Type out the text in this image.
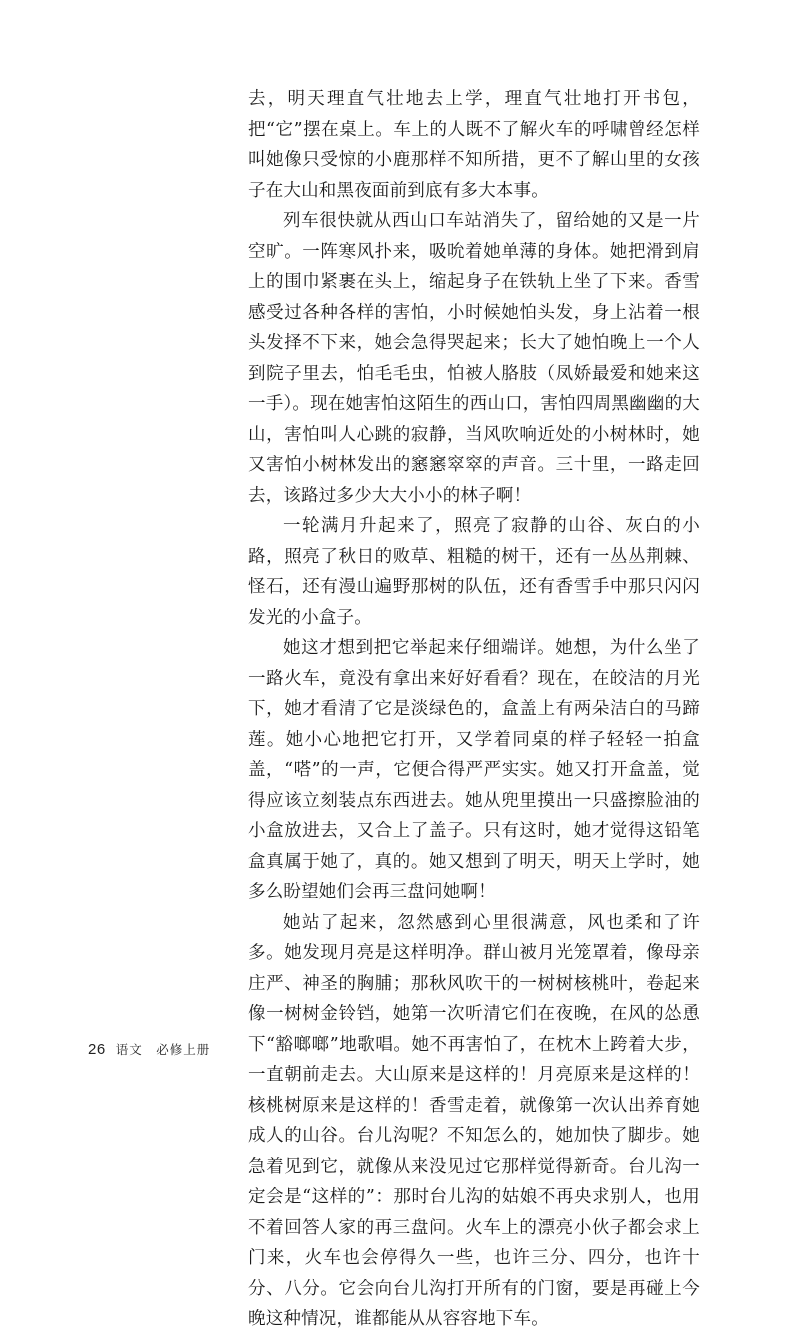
去，明天理直气壮地去上学，理直气壮地打开书包，把“它”摆在桌上。车上的人既不了解火车的呼啸曾经怎样叫她像只受惊的小鹿那样不知所措，更不了解山里的女孩子在大山和黑夜面前到底有多大本事。

列车很快就从西山口车站消失了，留给她的又是一片空旷。一阵寒风扑来，吸吮着她单薄的身体。她把滑到肩上的围巾紧裹在头上，缩起身子在铁轨上坐了下来。香雪感受过各种各样的害怕，小时候她怕头发，身上沾着一根头发择不下来，她会急得哭起来；长大了她怕晚上一个人到院子里去，怕毛毛虫，怕被人胳肢（凤娇最爱和她来这一手）。现在她害怕这陌生的西山口，害怕四周黑幽幽的大山，害怕叫人心跳的寂静，当风吹响近处的小树林时，她又害怕小树林发出的窸窸窣窣的声音。三十里，一路走回去，该路过多少大大小小的林子啊！

一轮满月升起来了，照亮了寂静的山谷、灰白的小路，照亮了秋日的败草、粗糙的树干，还有一丛丛荆棘、怪石，还有漫山遍野那树的队伍，还有香雪手中那只闪闪发光的小盒子。

她这才想到把它举起来仔细端详。她想，为什么坐了一路火车，竟没有拿出来好好看看？现在，在皎洁的月光下，她才看清了它是淡绿色的，盒盖上有两朵洁白的马蹄莲。她小心地把它打开，又学着同桌的样子轻轻一拍盒盖，“嗒”的一声，它便合得严严实实。她又打开盒盖，觉得应该立刻装点东西进去。她从兜里摸出一只盛擦脸油的小盒放进去，又合上了盖子。只有这时，她才觉得这铅笔盒真属于她了，真的。她又想到了明天，明天上学时，她多么盼望她们会再三盘问她啊！

她站了起来，忽然感到心里很满意，风也柔和了许多。她发现月亮是这样明净。群山被月光笼罩着，像母亲庄严、神圣的胸脯；那秋风吹干的一树树核桃叶，卷起来像一树树金铃铛，她第一次听清它们在夜晚，在风的怂恿下“豁啷啷”地歌唱。她不再害怕了，在枕木上跨着大步，一直朝前走去。大山原来是这样的！月亮原来是这样的！核桃树原来是这样的！香雪走着，就像第一次认出养育她成人的山谷。台儿沟呢？不知怎么的，她加快了脚步。她急着见到它，就像从来没见过它那样觉得新奇。台儿沟一定会是“这样的”：那时台儿沟的姑娘不再央求别人，也用不着回答人家的再三盘问。火车上的漂亮小伙子都会求上门来，火车也会停得久一些，也许三分、四分，也许十分、八分。它会向台儿沟打开所有的门窗，要是再碰上今晚这种情况，谁都能从从容容地下车。

26 语文　必修上册
